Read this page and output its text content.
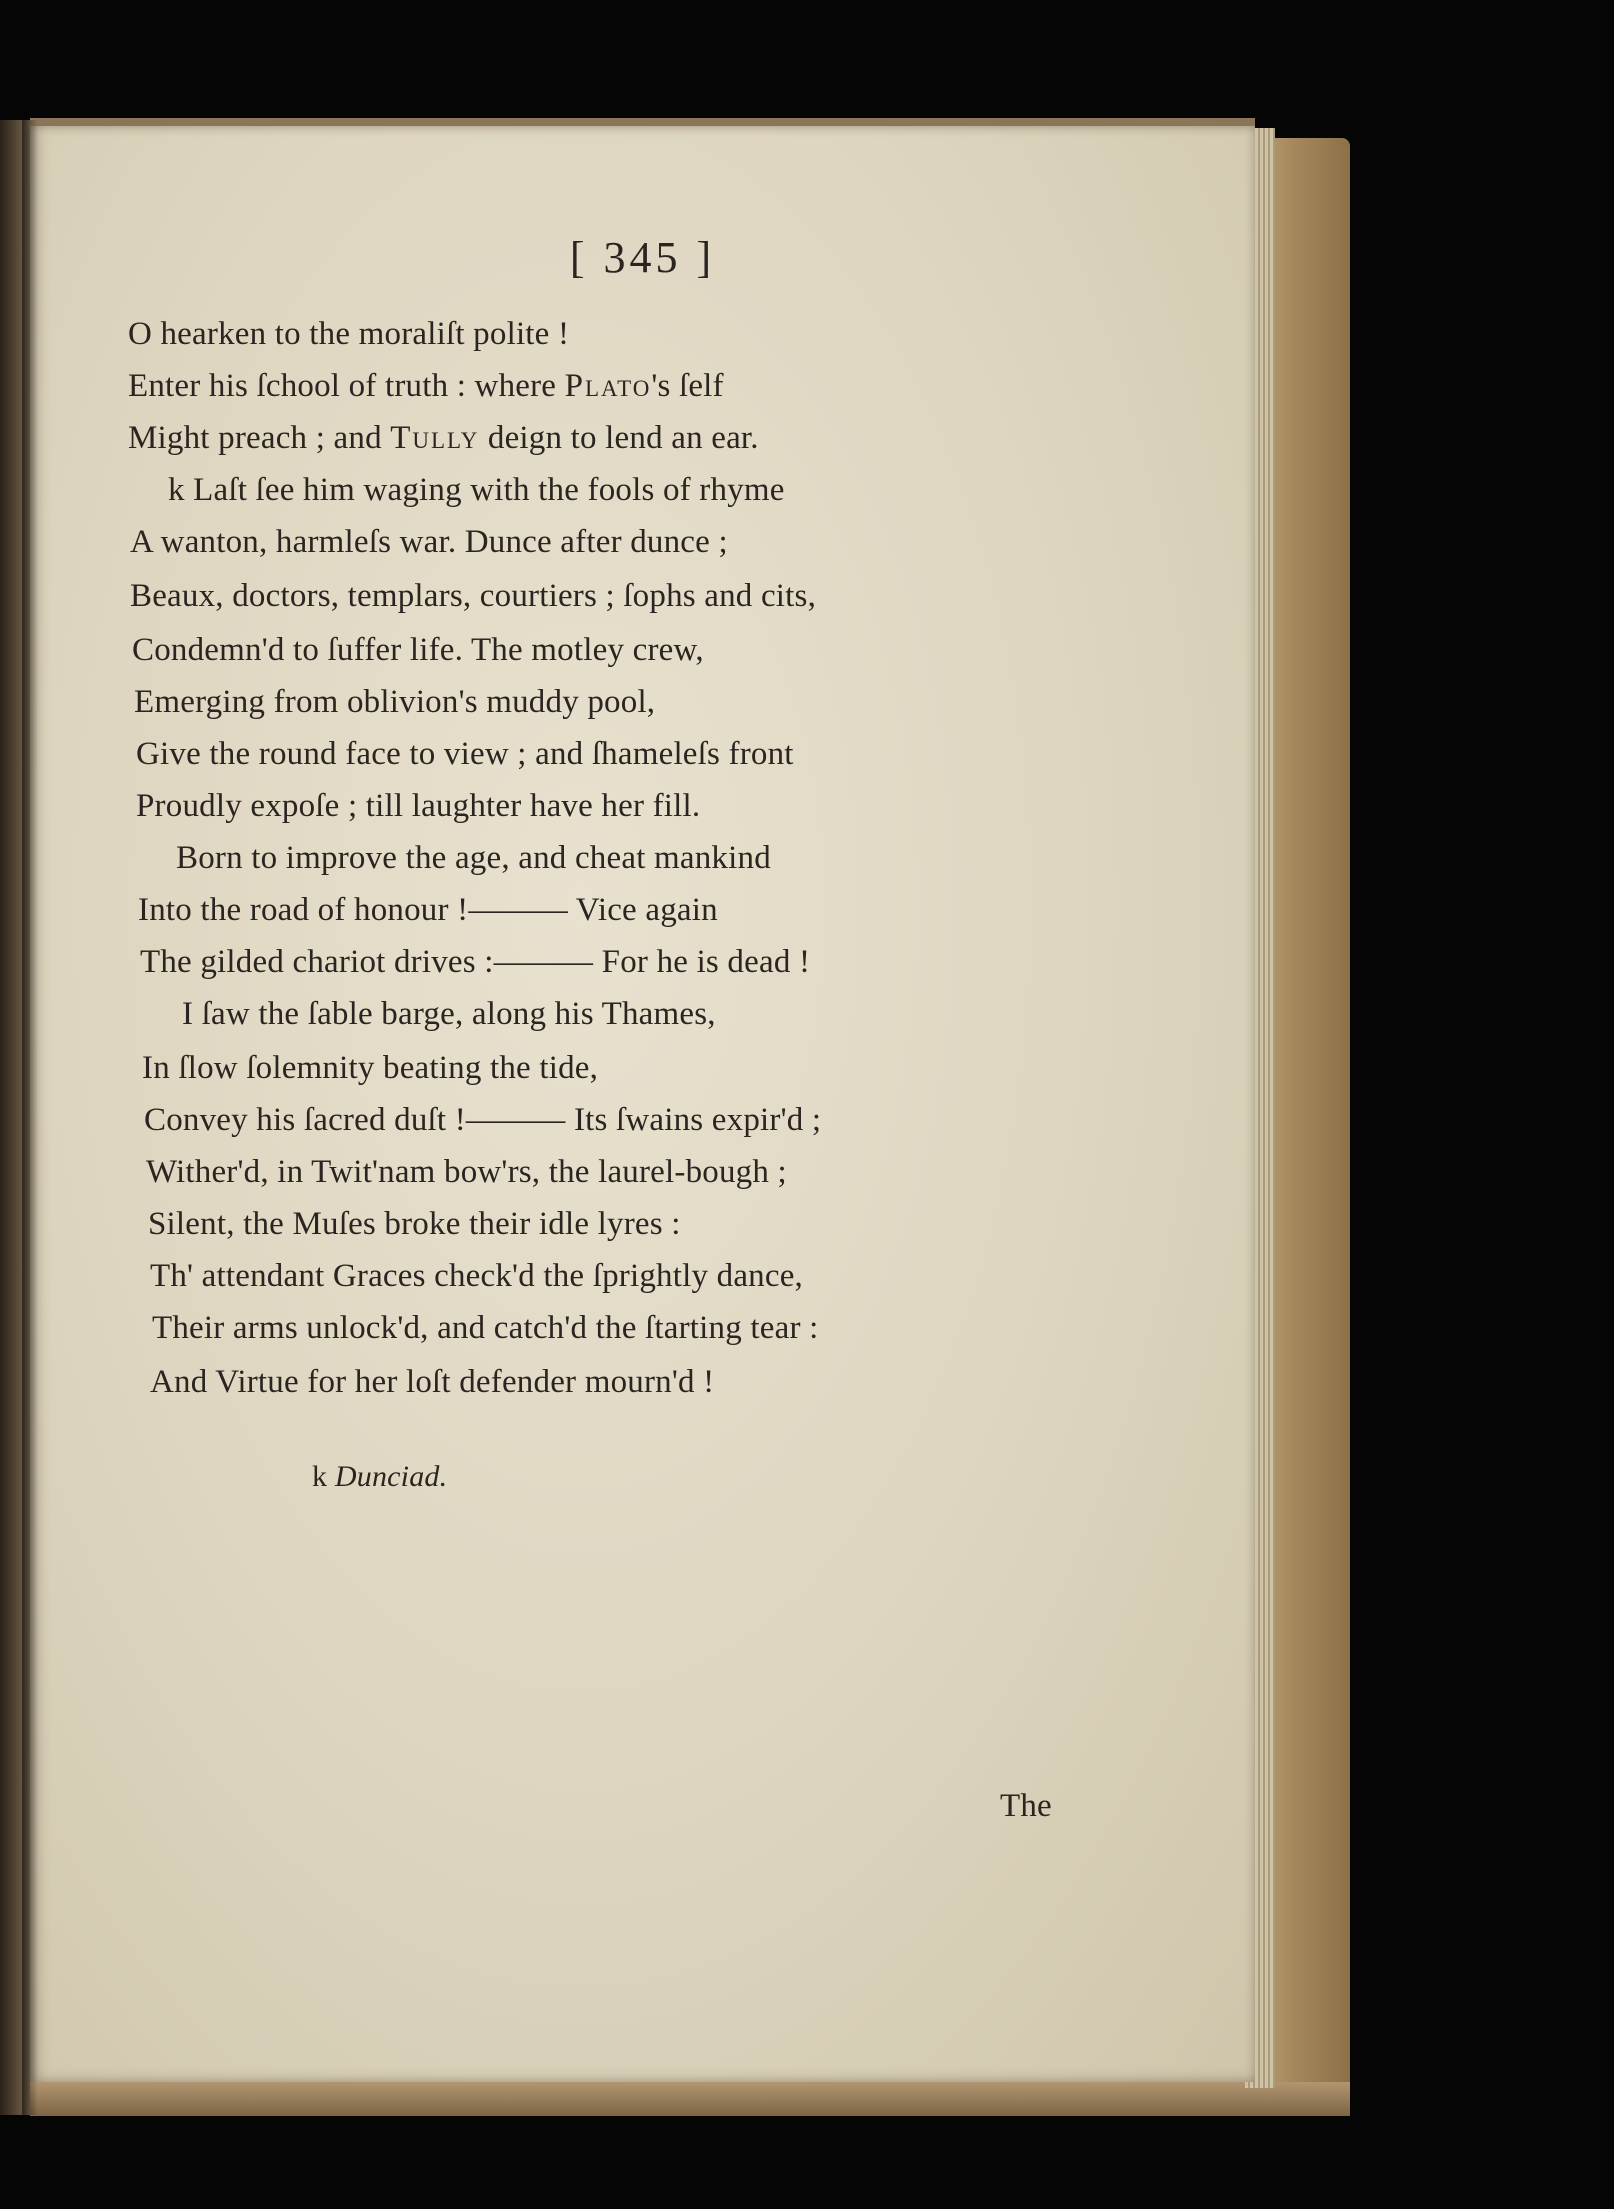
[ 345 ]
O hearken to the moraliſt polite !
Enter his ſchool of truth : where Plato's ſelf
Might preach ; and Tully deign to lend an ear.
k Laſt ſee him waging with the fools of rhyme
A wanton, harmleſs war. Dunce after dunce ;
Beaux, doctors, templars, courtiers ; ſophs and cits,
Condemn'd to ſuffer life. The motley crew,
Emerging from oblivion's muddy pool,
Give the round face to view ; and ſhameleſs front
Proudly expoſe ; till laughter have her fill.
Born to improve the age, and cheat mankind
Into the road of honour !——— Vice again
The gilded chariot drives :——— For he is dead !
I ſaw the ſable barge, along his Thames,
In ſlow ſolemnity beating the tide,
Convey his ſacred duſt !——— Its ſwains expir'd ;
Wither'd, in Twit'nam bow'rs, the laurel-bough ;
Silent, the Muſes broke their idle lyres :
Th' attendant Graces check'd the ſprightly dance,
Their arms unlock'd, and catch'd the ſtarting tear :
And Virtue for her loſt defender mourn'd !
k Dunciad.
The
